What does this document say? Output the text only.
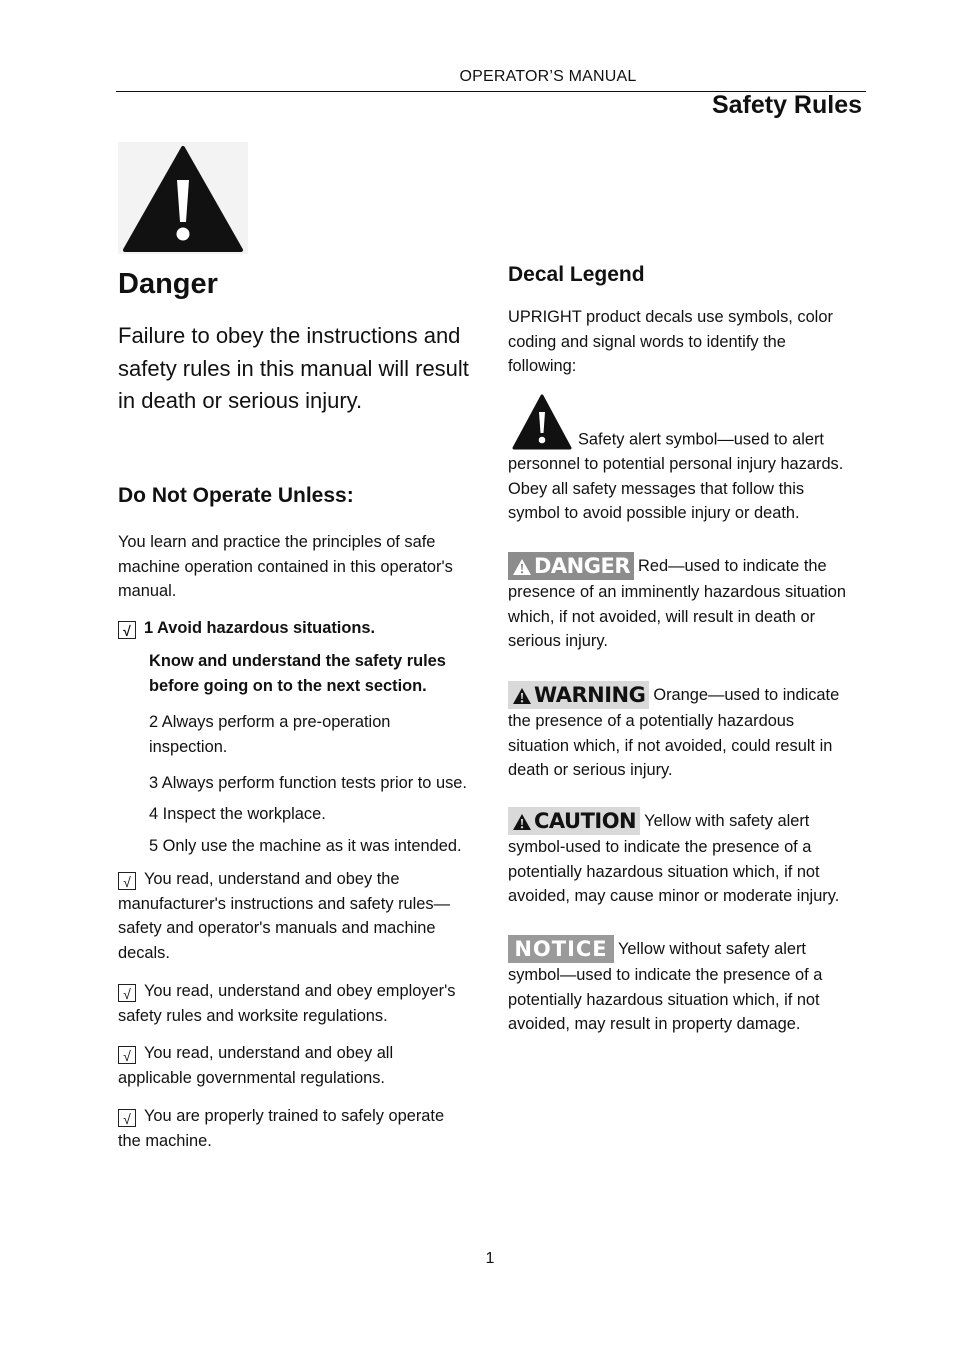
OPERATOR’S MANUAL
Safety Rules
Danger
Failure to obey the instructions and safety rules in this manual will result in death or serious injury.
Do Not Operate Unless:
You learn and practice the principles of safe machine operation contained in this operator's manual.
√ 1 Avoid hazardous situations.
Know and understand the safety rules before going on to the next section.
2 Always perform a pre-operation inspection.
3 Always perform function tests prior to use.
4 Inspect the workplace.
5 Only use the machine as it was intended.
√ You read, understand and obey the manufacturer's instructions and safety rules—safety and operator's manuals and machine decals.
√ You read, understand and obey employer's safety rules and worksite regulations.
√ You read, understand and obey all applicable governmental regulations.
√ You are properly trained to safely operate the machine.
Decal Legend
UPRIGHT product decals use symbols, color coding and signal words to identify the following:
Safety alert symbol—used to alert personnel to potential personal injury hazards. Obey all safety messages that follow this symbol to avoid possible injury or death.
DANGER Red—used to indicate the presence of an imminently hazardous situation which, if not avoided, will result in death or serious injury.
WARNING Orange—used to indicate the presence of a potentially hazardous situation which, if not avoided, could result in death or serious injury.
CAUTION Yellow with safety alert symbol-used to indicate the presence of a potentially hazardous situation which, if not avoided, may cause minor or moderate injury.
NOTICE Yellow without safety alert symbol—used to indicate the presence of a potentially hazardous situation which, if not avoided, may result in property damage.
1
